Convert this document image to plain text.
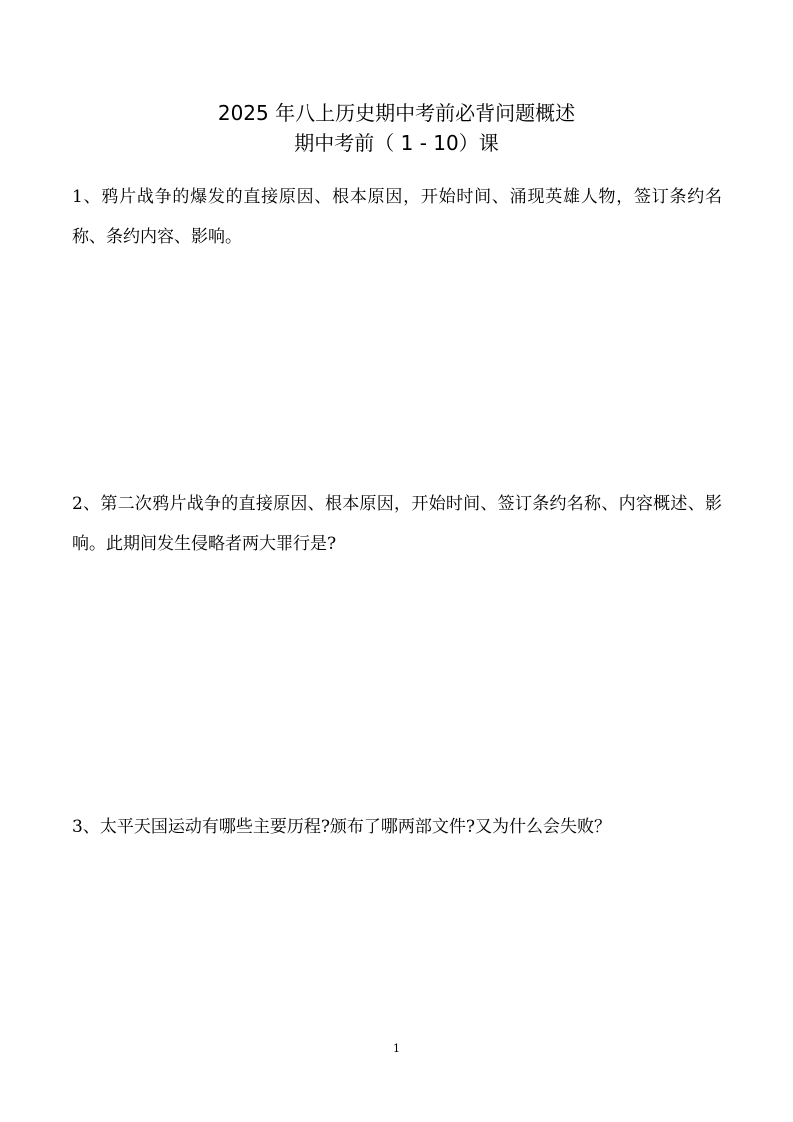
2025 年八上历史期中考前必背问题概述
期中考前（ 1 - 10）课
1、鸦片战争的爆发的直接原因、根本原因，开始时间、涌现英雄人物，签订条约名称、条约内容、影响。
2、第二次鸦片战争的直接原因、根本原因，开始时间、签订条约名称、内容概述、影响。此期间发生侵略者两大罪行是?
3、太平天国运动有哪些主要历程?颁布了哪两部文件?又为什么会失败？
1
